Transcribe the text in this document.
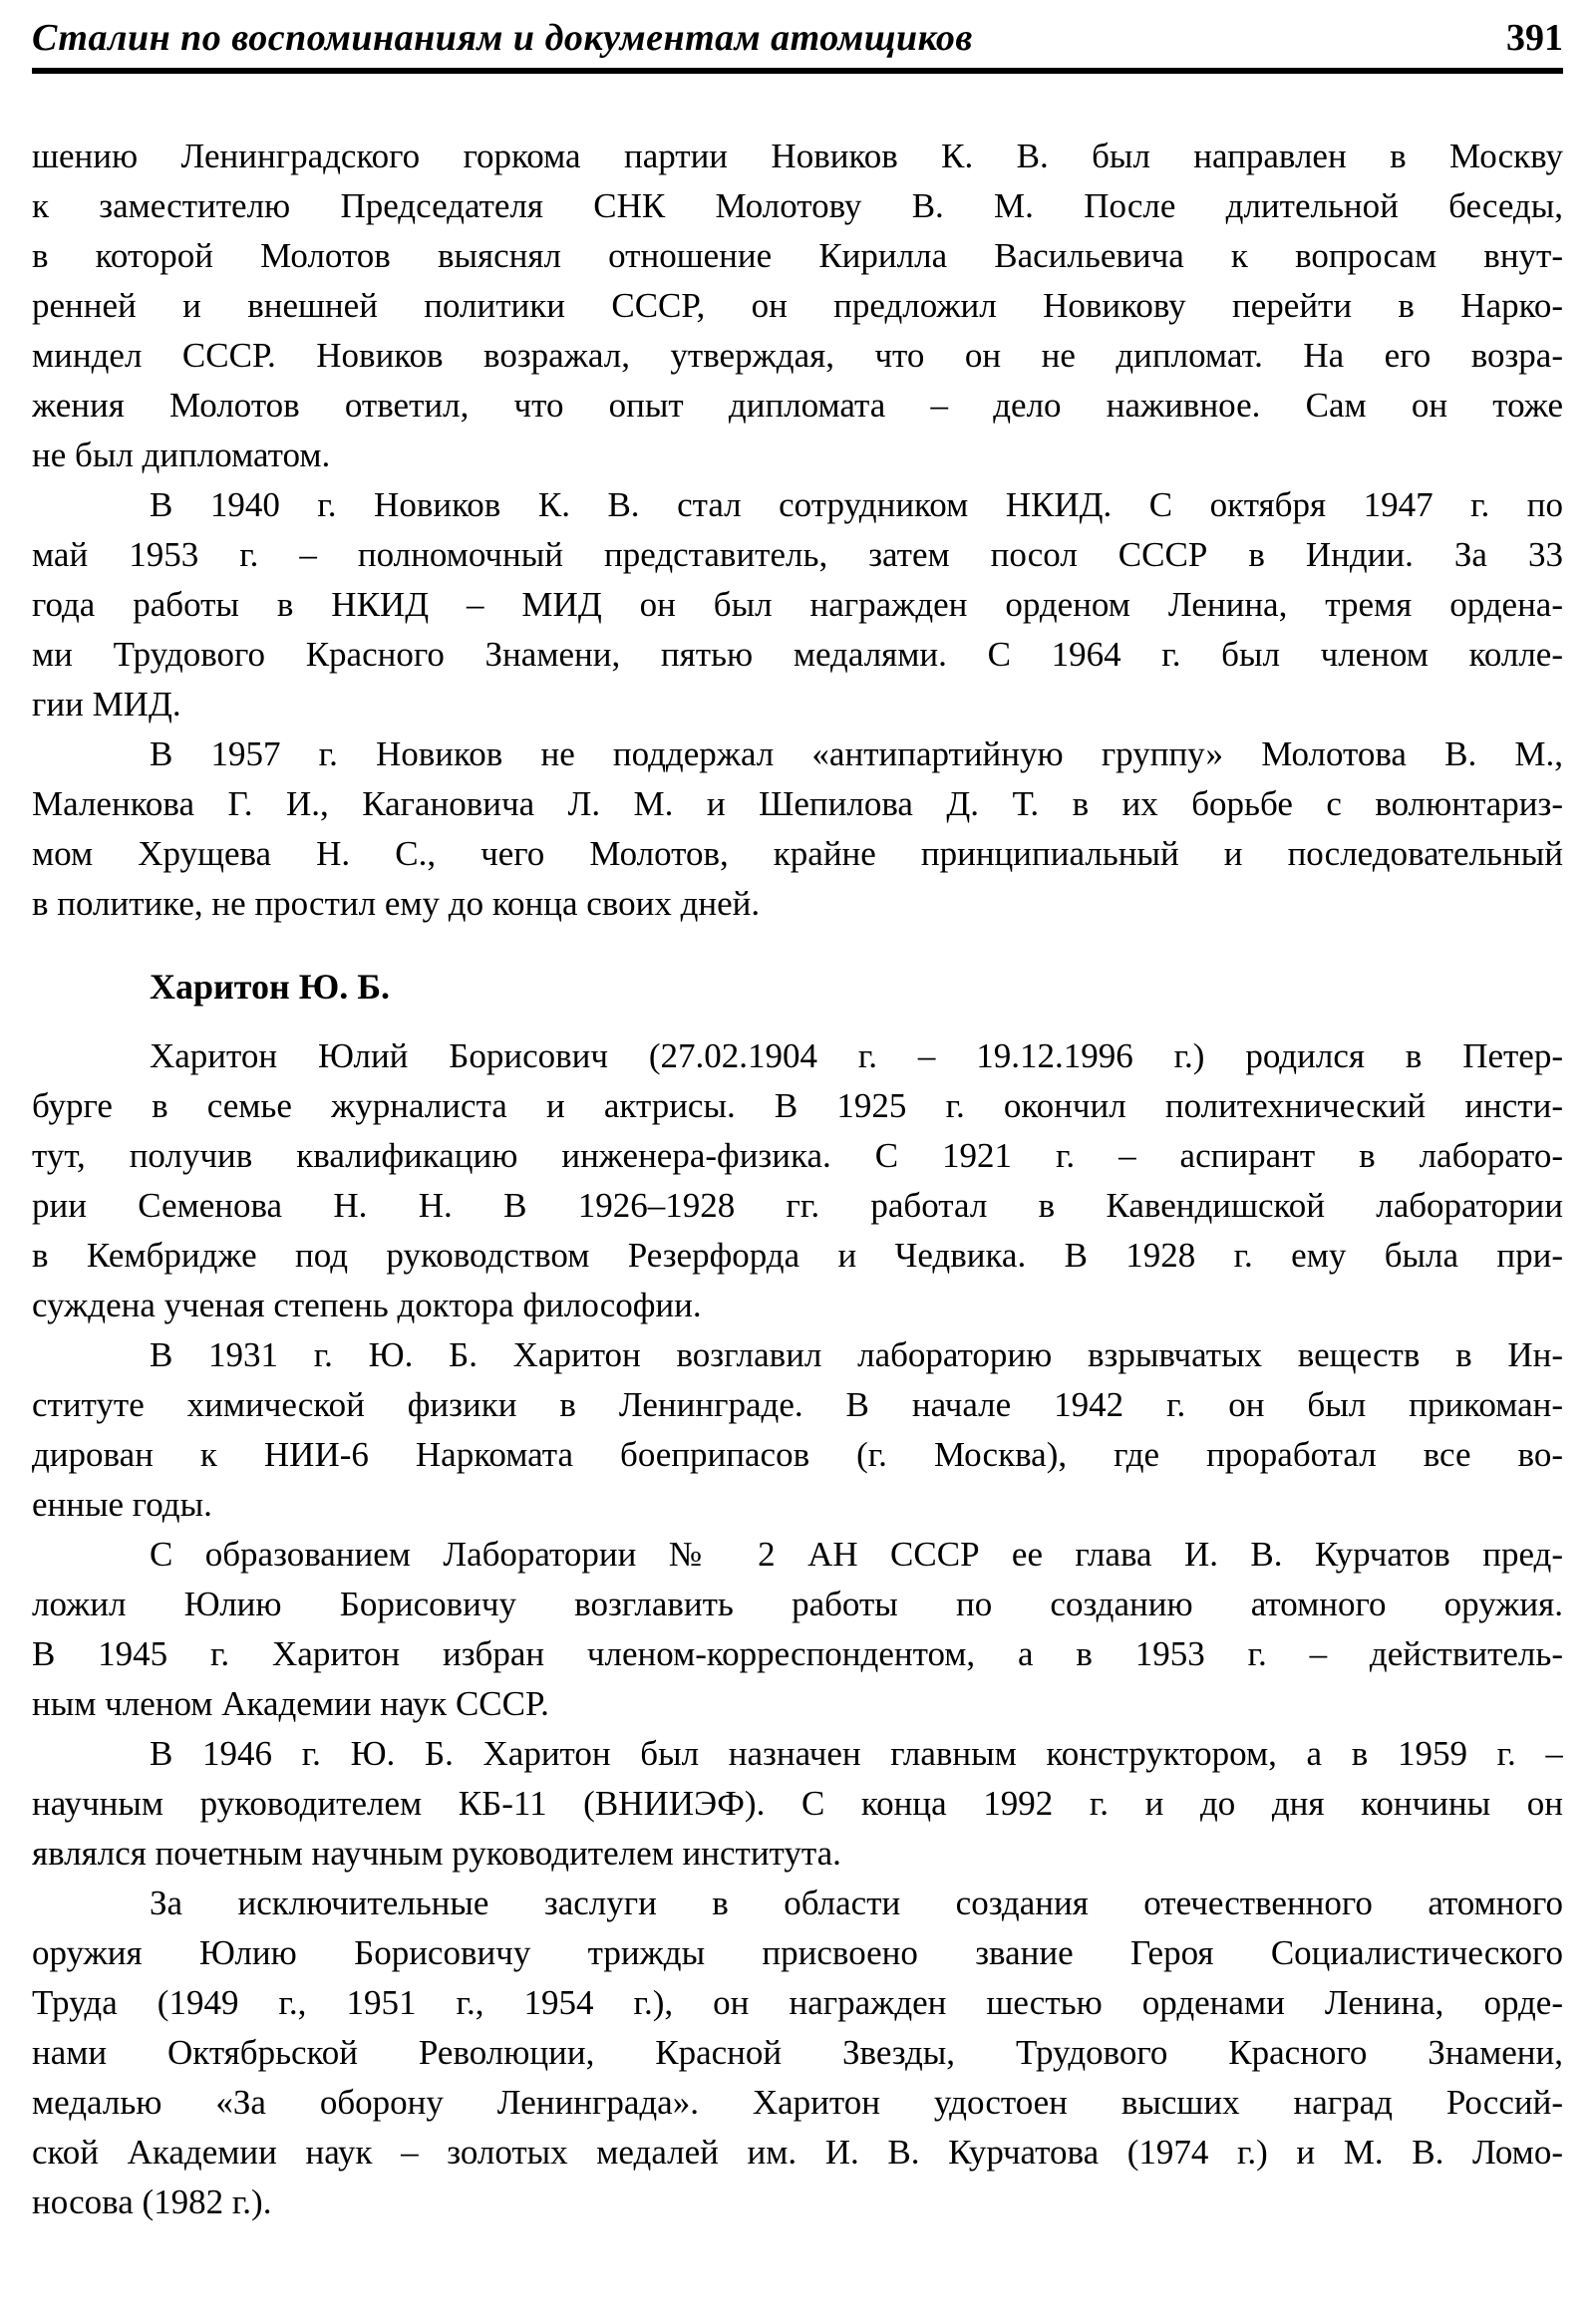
Сталин по воспоминаниям и документам атомщиков	391
шению Ленинградского горкома партии Новиков К. В. был направлен в Москву
к заместителю Председателя СНК Молотову В. М. После длительной беседы,
в которой Молотов выяснял отношение Кирилла Васильевича к вопросам внут-
ренней и внешней политики СССР, он предложил Новикову перейти в Нарко-
миндел СССР. Новиков возражал, утверждая, что он не дипломат. На его возра-
жения Молотов ответил, что опыт дипломата – дело наживное. Сам он тоже
не был дипломатом.
В 1940 г. Новиков К. В. стал сотрудником НКИД. С октября 1947 г. по
май 1953 г. – полномочный представитель, затем посол СССР в Индии. За 33
года работы в НКИД – МИД он был награжден орденом Ленина, тремя ордена-
ми Трудового Красного Знамени, пятью медалями. С 1964 г. был членом колле-
гии МИД.
В 1957 г. Новиков не поддержал «антипартийную группу» Молотова В. М.,
Маленкова Г. И., Кагановича Л. М. и Шепилова Д. Т. в их борьбе с волюнтариз-
мом Хрущева Н. С., чего Молотов, крайне принципиальный и последовательный
в политике, не простил ему до конца своих дней.
Харитон Ю. Б.
Харитон Юлий Борисович (27.02.1904 г. – 19.12.1996 г.) родился в Петер-
бурге в семье журналиста и актрисы. В 1925 г. окончил политехнический инсти-
тут, получив квалификацию инженера-физика. С 1921 г. – аспирант в лаборато-
рии Семенова Н. Н. В 1926–1928 гг. работал в Кавендишской лаборатории
в Кембридже под руководством Резерфорда и Чедвика. В 1928 г. ему была при-
суждена ученая степень доктора философии.
В 1931 г. Ю. Б. Харитон возглавил лабораторию взрывчатых веществ в Ин-
ституте химической физики в Ленинграде. В начале 1942 г. он был прикоман-
дирован к НИИ-6 Наркомата боеприпасов (г. Москва), где проработал все во-
енные годы.
С образованием Лаборатории № 2 АН СССР ее глава И. В. Курчатов пред-
ложил Юлию Борисовичу возглавить работы по созданию атомного оружия.
В 1945 г. Харитон избран членом-корреспондентом, а в 1953 г. – действитель-
ным членом Академии наук СССР.
В 1946 г. Ю. Б. Харитон был назначен главным конструктором, а в 1959 г. –
научным руководителем КБ-11 (ВНИИЭФ). С конца 1992 г. и до дня кончины он
являлся почетным научным руководителем института.
За исключительные заслуги в области создания отечественного атомного
оружия Юлию Борисовичу трижды присвоено звание Героя Социалистического
Труда (1949 г., 1951 г., 1954 г.), он награжден шестью орденами Ленина, орде-
нами Октябрьской Революции, Красной Звезды, Трудового Красного Знамени,
медалью «За оборону Ленинграда». Харитон удостоен высших наград Россий-
ской Академии наук – золотых медалей им. И. В. Курчатова (1974 г.) и М. В. Ломо-
носова (1982 г.).
